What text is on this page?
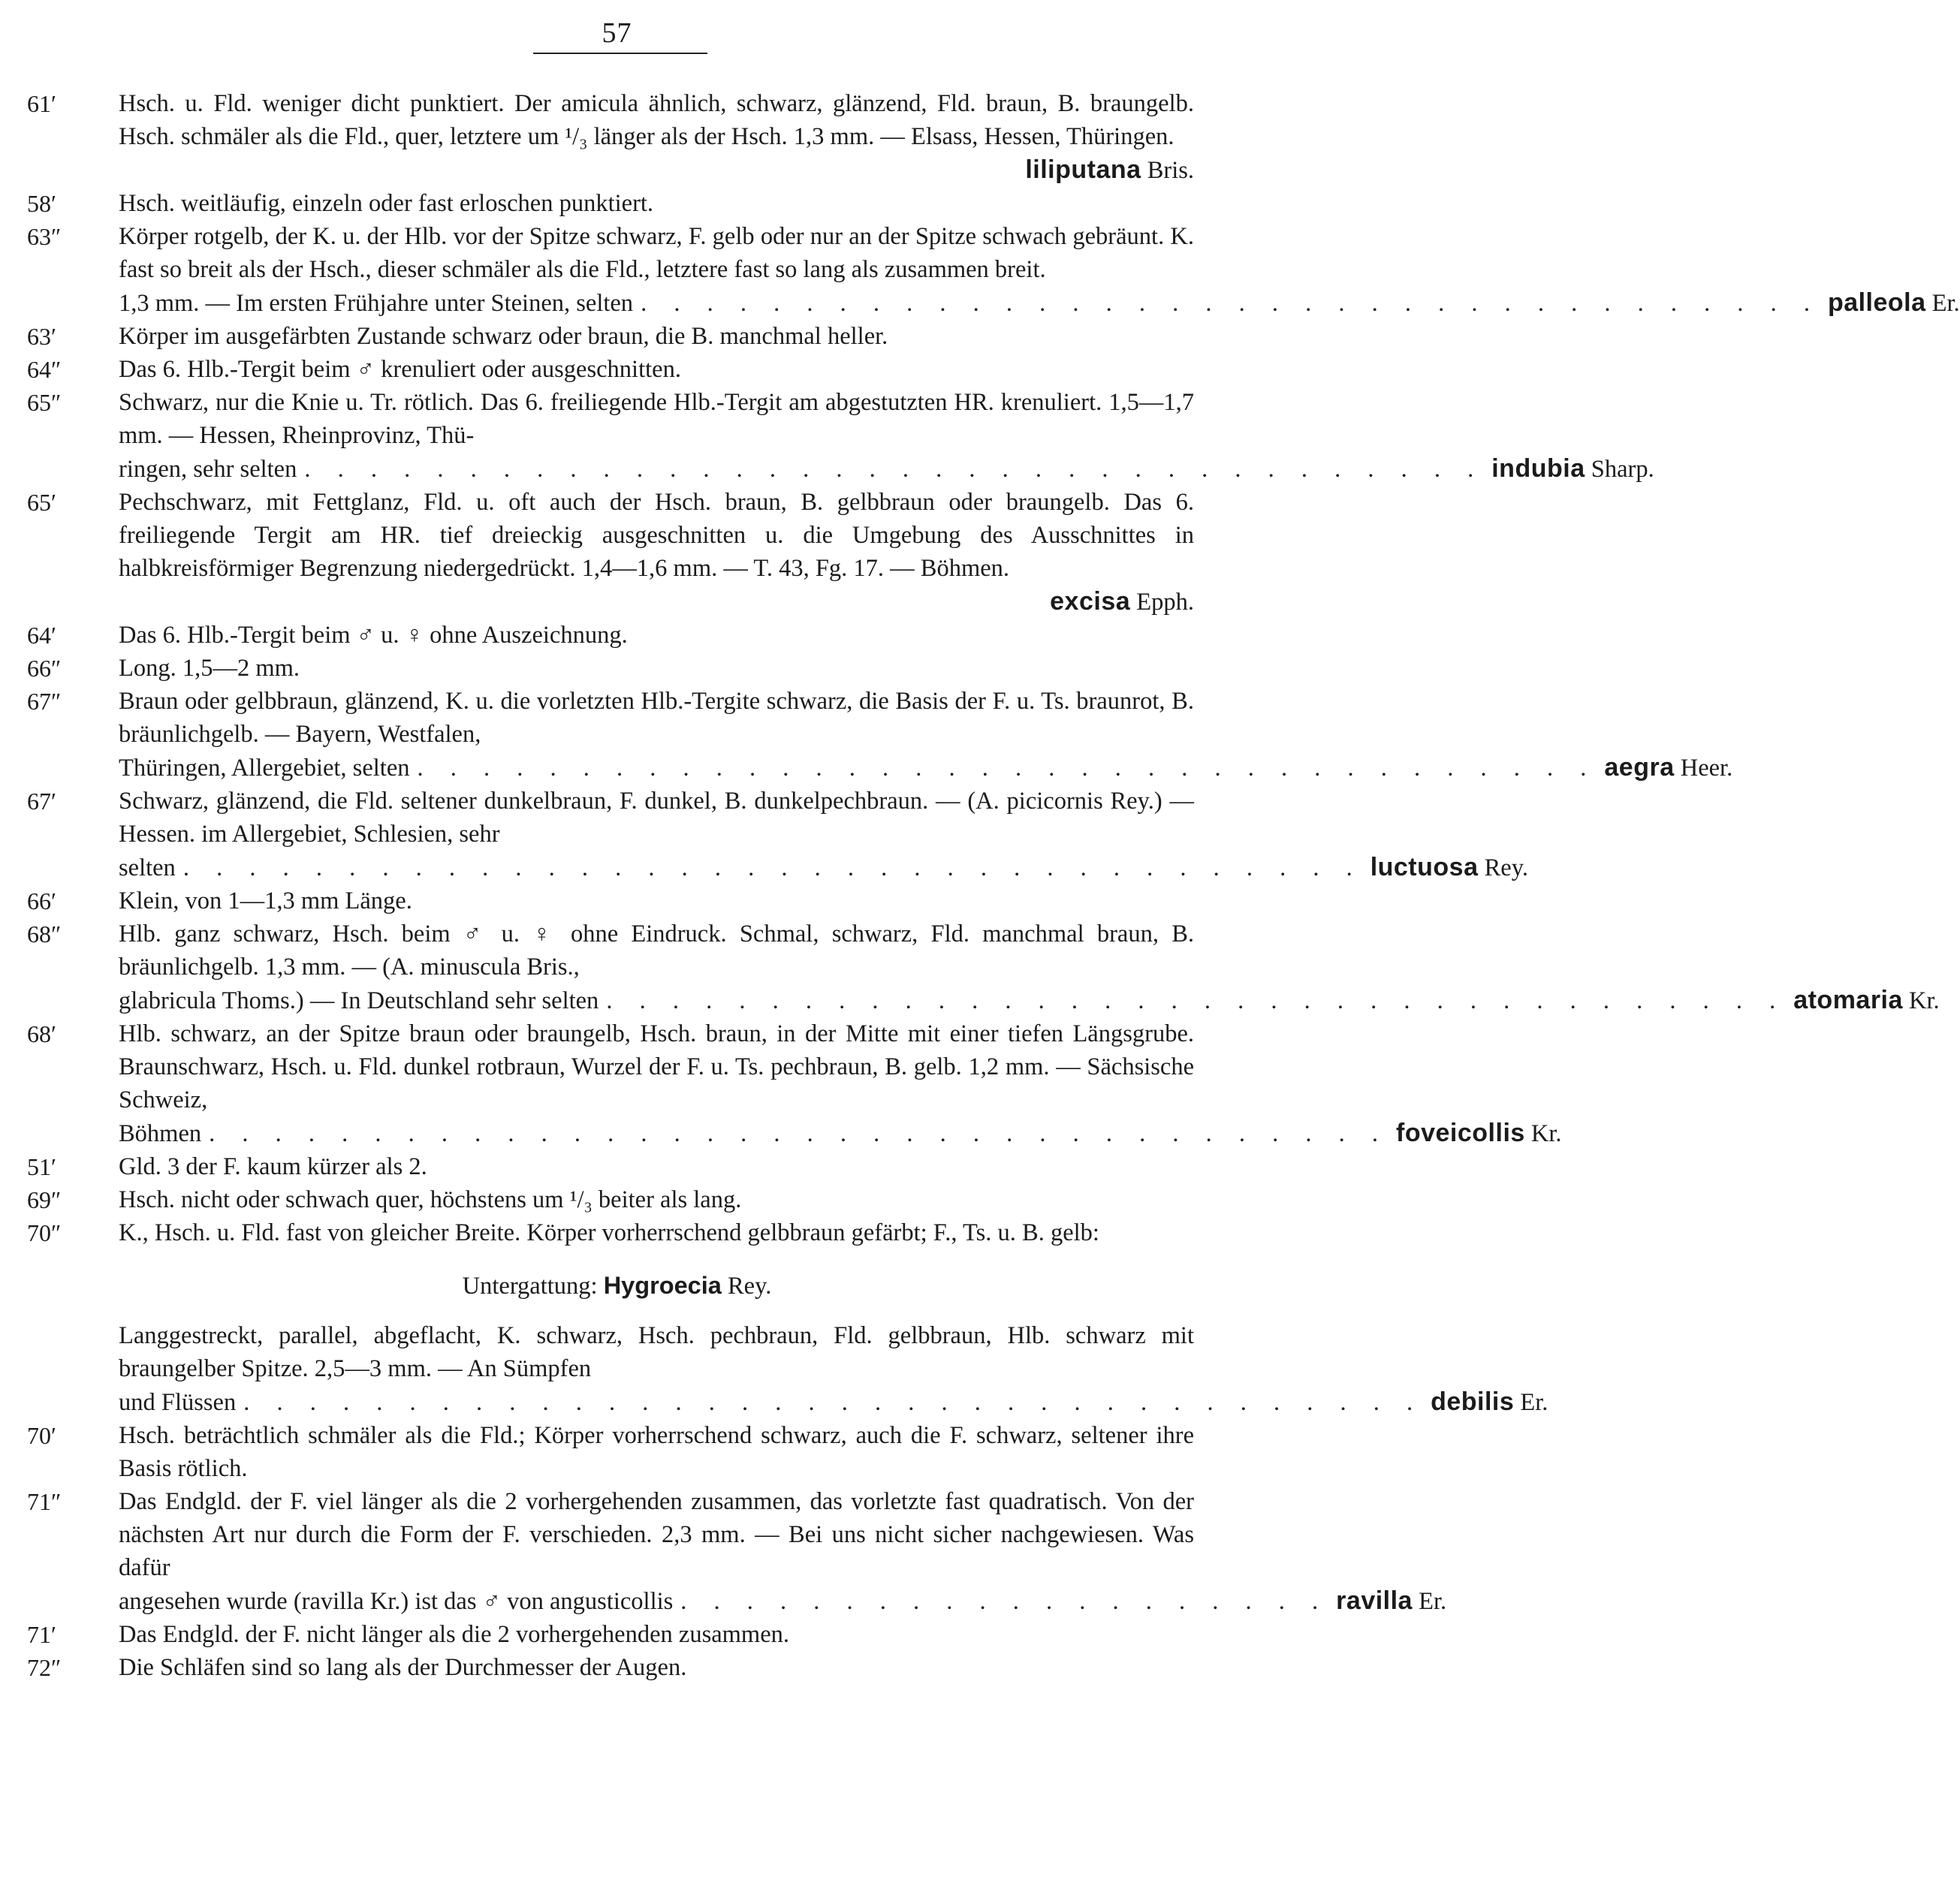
57
61′	Hsch. u. Fld. weniger dicht punktiert. Der amicula ähnlich, schwarz, glänzend, Fld. braun, B. braungelb. Hsch. schmäler als die Fld., quer, letztere um ¹/₃ länger als der Hsch. 1,3 mm. — Elsass, Hessen, Thüringen.
liliputana Bris.
58′	Hsch. weitläufig, einzeln oder fast erloschen punktiert.
63″	Körper rotgelb, der K. u. der Hlb. vor der Spitze schwarz, F. gelb oder nur an der Spitze schwach gebräunt. K. fast so breit als der Hsch., dieser schmäler als die Fld., letztere fast so lang als zusammen breit.
1,3 mm. — Im ersten Frühjahre unter Steinen, selten . . . . . . . . . . . . . . . . . . . . . . . . . . . . . . . . . . . . palleola Er.
63′	Körper im ausgefärbten Zustande schwarz oder braun, die B. manchmal heller.
64″	Das 6. Hlb.-Tergit beim ♂ krenuliert oder ausgeschnitten.
65″	Schwarz, nur die Knie u. Tr. rötlich. Das 6. freiliegende Hlb.-Tergit am abgestutzten HR. krenuliert. 1,5—1,7 mm. — Hessen, Rheinprovinz, Thü-
ringen, sehr selten . . . . . . . . . . . . . . . . . . . . . . . . . . . . . . . . . . . . indubia Sharp.
65′	Pechschwarz, mit Fettglanz, Fld. u. oft auch der Hsch. braun, B. gelbbraun oder braungelb. Das 6. freiliegende Tergit am HR. tief dreieckig ausgeschnitten u. die Umgebung des Ausschnittes in halbkreisförmiger Begrenzung niedergedrückt. 1,4—1,6 mm. — T. 43, Fg. 17. — Böhmen.
excisa Epph.
64′	Das 6. Hlb.-Tergit beim ♂ u. ♀ ohne Auszeichnung.
66″	Long. 1,5—2 mm.
67″	Braun oder gelbbraun, glänzend, K. u. die vorletzten Hlb.-Tergite schwarz, die Basis der F. u. Ts. braunrot, B. bräunlichgelb. — Bayern, Westfalen,
Thüringen, Allergebiet, selten . . . . . . . . . . . . . . . . . . . . . . . . . . . . . . . . . . . . aegra Heer.
67′	Schwarz, glänzend, die Fld. seltener dunkelbraun, F. dunkel, B. dunkelpechbraun. — (A. picicornis Rey.) — Hessen. im Allergebiet, Schlesien, sehr
selten . . . . . . . . . . . . . . . . . . . . . . . . . . . . . . . . . . . . luctuosa Rey.
66′	Klein, von 1—1,3 mm Länge.
68″	Hlb. ganz schwarz, Hsch. beim ♂ u. ♀ ohne Eindruck. Schmal, schwarz, Fld. manchmal braun, B. bräunlichgelb. 1,3 mm. — (A. minuscula Bris.,
glabricula Thoms.) — In Deutschland sehr selten . . . . . . . . . . . . . . . . . . . . . . . . . . . . . . . . . . . . atomaria Kr.
68′	Hlb. schwarz, an der Spitze braun oder braungelb, Hsch. braun, in der Mitte mit einer tiefen Längsgrube. Braunschwarz, Hsch. u. Fld. dunkel rotbraun, Wurzel der F. u. Ts. pechbraun, B. gelb. 1,2 mm. — Sächsische Schweiz,
Böhmen . . . . . . . . . . . . . . . . . . . . . . . . . . . . . . . . . . . . foveicollis Kr.
51′	Gld. 3 der F. kaum kürzer als 2.
69″	Hsch. nicht oder schwach quer, höchstens um ¹/₃ beiter als lang.
70″	K., Hsch. u. Fld. fast von gleicher Breite. Körper vorherrschend gelbbraun gefärbt; F., Ts. u. B. gelb:
Untergattung: Hygroecia Rey.
Langgestreckt, parallel, abgeflacht, K. schwarz, Hsch. pechbraun, Fld. gelbbraun, Hlb. schwarz mit braungelber Spitze. 2,5—3 mm. — An Sümpfen
und Flüssen . . . . . . . . . . . . . . . . . . . . . . . . . . . . . . . . . . . . debilis Er.
70′	Hsch. beträchtlich schmäler als die Fld.; Körper vorherrschend schwarz, auch die F. schwarz, seltener ihre Basis rötlich.
71″	Das Endgld. der F. viel länger als die 2 vorhergehenden zusammen, das vorletzte fast quadratisch. Von der nächsten Art nur durch die Form der F. verschieden. 2,3 mm. — Bei uns nicht sicher nachgewiesen. Was dafür
angesehen wurde (ravilla Kr.) ist das ♂ von angusticollis . . . . . . . . . . . . . . . . . . . . ravilla Er.
71′	Das Endgld. der F. nicht länger als die 2 vorhergehenden zusammen.
72″	Die Schläfen sind so lang als der Durchmesser der Augen.
